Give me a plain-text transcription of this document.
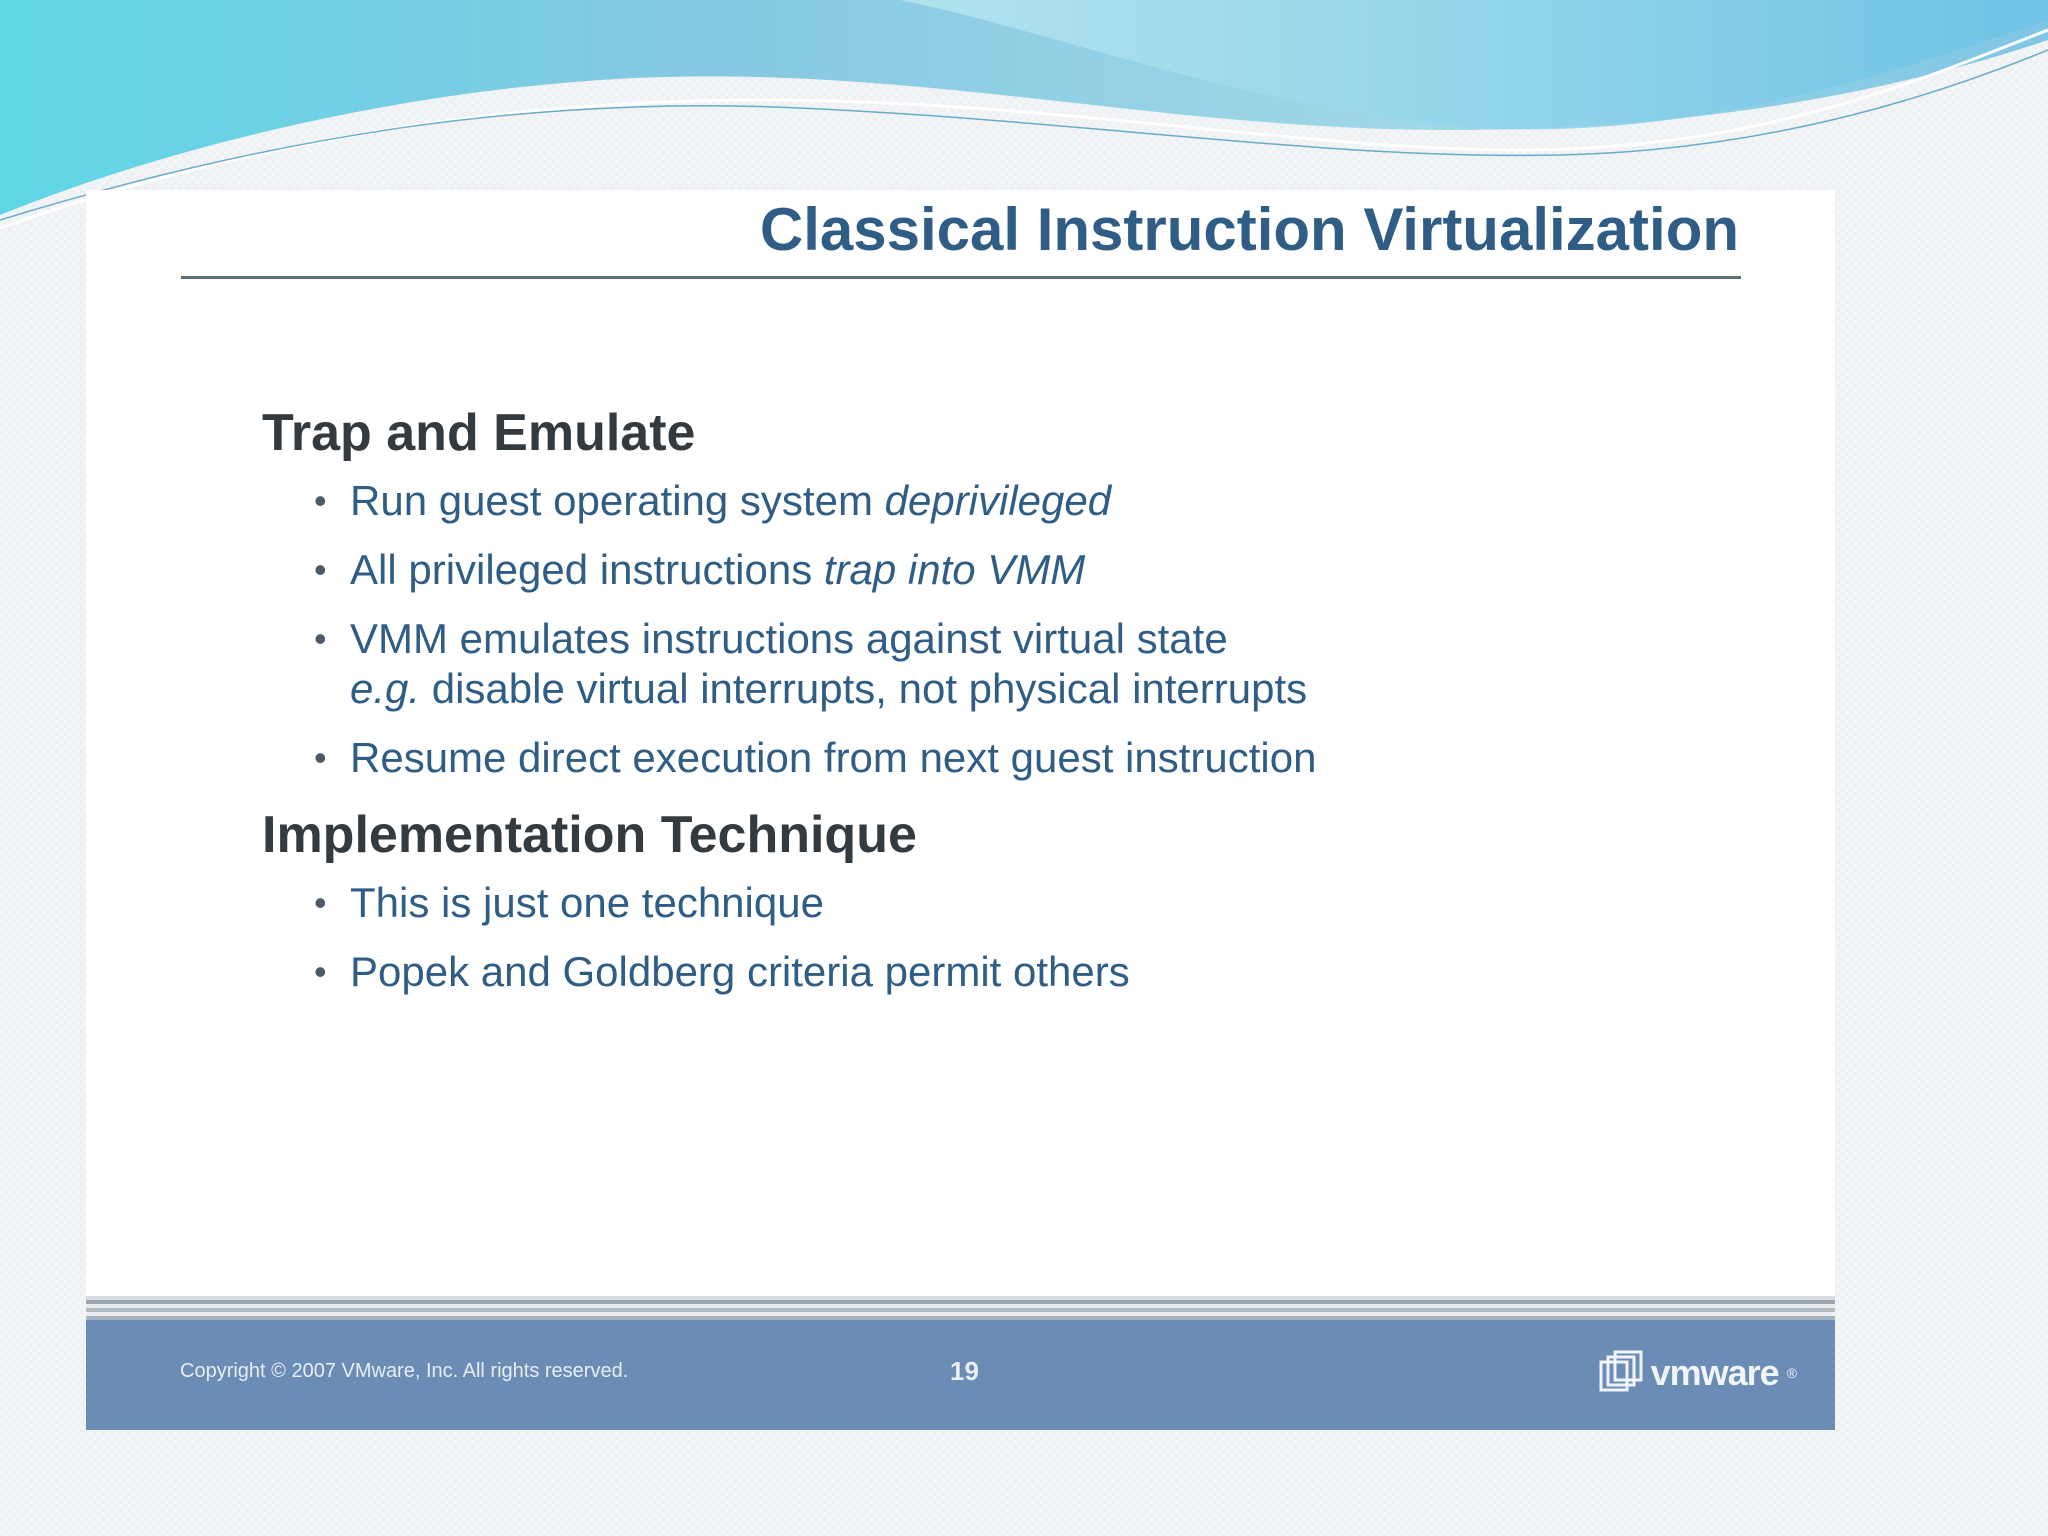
Classical Instruction Virtualization
Trap and Emulate
• Run guest operating system deprivileged
• All privileged instructions trap into VMM
• VMM emulates instructions against virtual state
e.g. disable virtual interrupts, not physical interrupts
• Resume direct execution from next guest instruction
Implementation Technique
• This is just one technique
• Popek and Goldberg criteria permit others
Copyright © 2007 VMware, Inc. All rights reserved.	19	vmware ®
